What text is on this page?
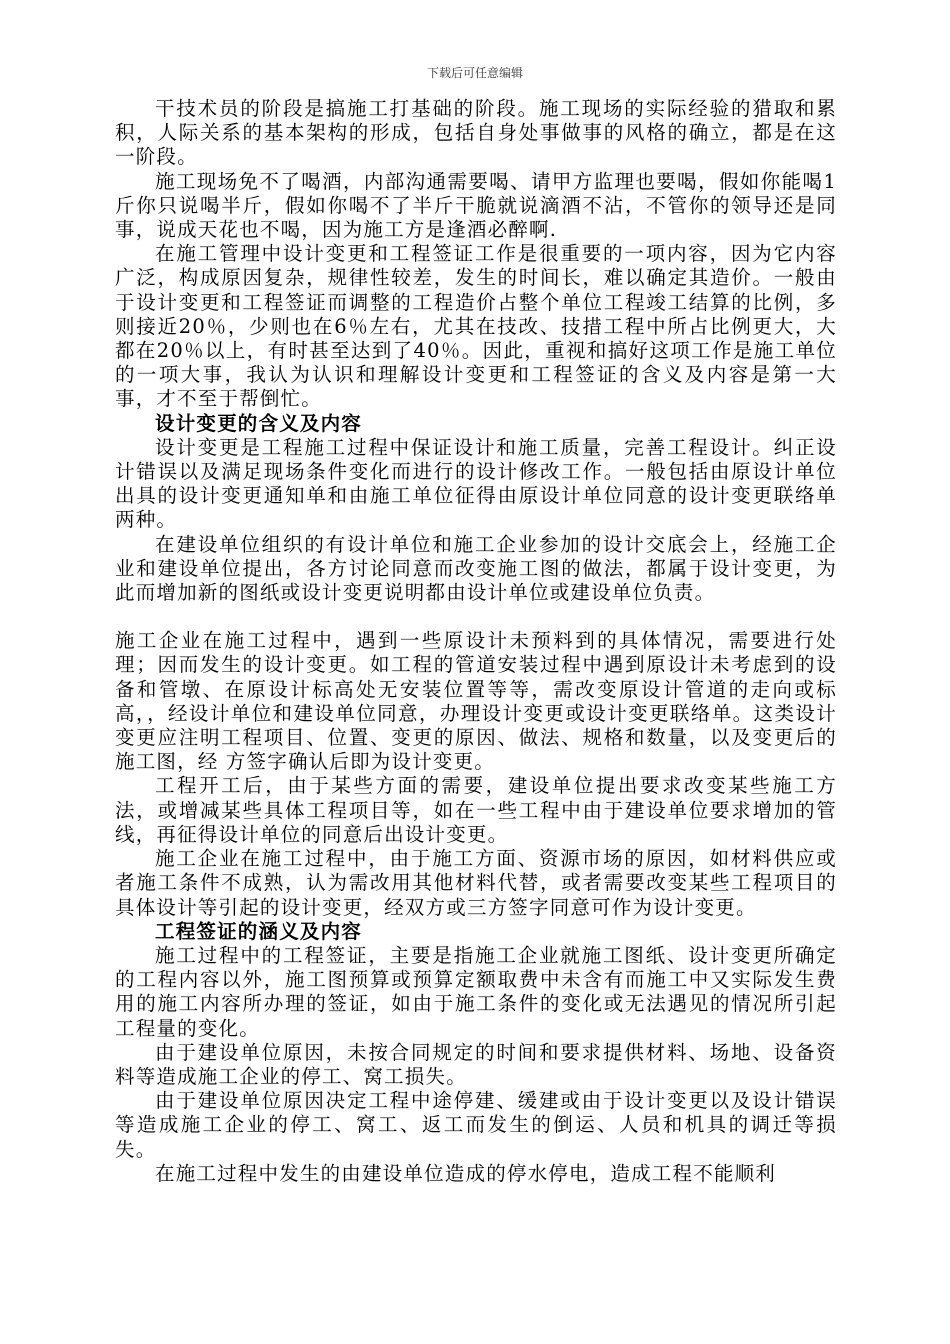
下载后可任意编辑

干技术员的阶段是搞施工打基础的阶段。施工现场的实际经验的猎取和累积，人际关系的基本架构的形成，包括自身处事做事的风格的确立，都是在这一阶段。

施工现场免不了喝酒，内部沟通需要喝、请甲方监理也要喝，假如你能喝1斤你只说喝半斤，假如你喝不了半斤干脆就说滴酒不沾，不管你的领导还是同事，说成天花也不喝，因为施工方是逢酒必醉啊.

在施工管理中设计变更和工程签证工作是很重要的一项内容，因为它内容广泛，构成原因复杂，规律性较差，发生的时间长，难以确定其造价。一般由于设计变更和工程签证而调整的工程造价占整个单位工程竣工结算的比例，多则接近20％，少则也在6％左右，尤其在技改、技措工程中所占比例更大，大都在20％以上，有时甚至达到了40％。因此，重视和搞好这项工作是施工单位的一项大事，我认为认识和理解设计变更和工程签证的含义及内容是第一大事，才不至于帮倒忙。

设计变更的含义及内容

设计变更是工程施工过程中保证设计和施工质量，完善工程设计。纠正设计错误以及满足现场条件变化而进行的设计修改工作。一般包括由原设计单位出具的设计变更通知单和由施工单位征得由原设计单位同意的设计变更联络单两种。

在建设单位组织的有设计单位和施工企业参加的设计交底会上，经施工企业和建设单位提出，各方讨论同意而改变施工图的做法，都属于设计变更，为此而增加新的图纸或设计变更说明都由设计单位或建设单位负责。

施工企业在施工过程中，遇到一些原设计未预料到的具体情况，需要进行处理；因而发生的设计变更。如工程的管道安装过程中遇到原设计未考虑到的设备和管墩、在原设计标高处无安装位置等等，需改变原设计管道的走向或标高，，经设计单位和建设单位同意，办理设计变更或设计变更联络单。这类设计变更应注明工程项目、位置、变更的原因、做法、规格和数量，以及变更后的施工图，经 方签字确认后即为设计变更。

工程开工后，由于某些方面的需要，建设单位提出要求改变某些施工方法，或增减某些具体工程项目等，如在一些工程中由于建设单位要求增加的管线，再征得设计单位的同意后出设计变更。

施工企业在施工过程中，由于施工方面、资源市场的原因，如材料供应或者施工条件不成熟，认为需改用其他材料代替，或者需要改变某些工程项目的具体设计等引起的设计变更，经双方或三方签字同意可作为设计变更。

工程签证的涵义及内容

施工过程中的工程签证，主要是指施工企业就施工图纸、设计变更所确定的工程内容以外，施工图预算或预算定额取费中未含有而施工中又实际发生费用的施工内容所办理的签证，如由于施工条件的变化或无法遇见的情况所引起工程量的变化。

由于建设单位原因，未按合同规定的时间和要求提供材料、场地、设备资料等造成施工企业的停工、窝工损失。

由于建设单位原因决定工程中途停建、缓建或由于设计变更以及设计错误等造成施工企业的停工、窝工、返工而发生的倒运、人员和机具的调迁等损失。

在施工过程中发生的由建设单位造成的停水停电，造成工程不能顺利
